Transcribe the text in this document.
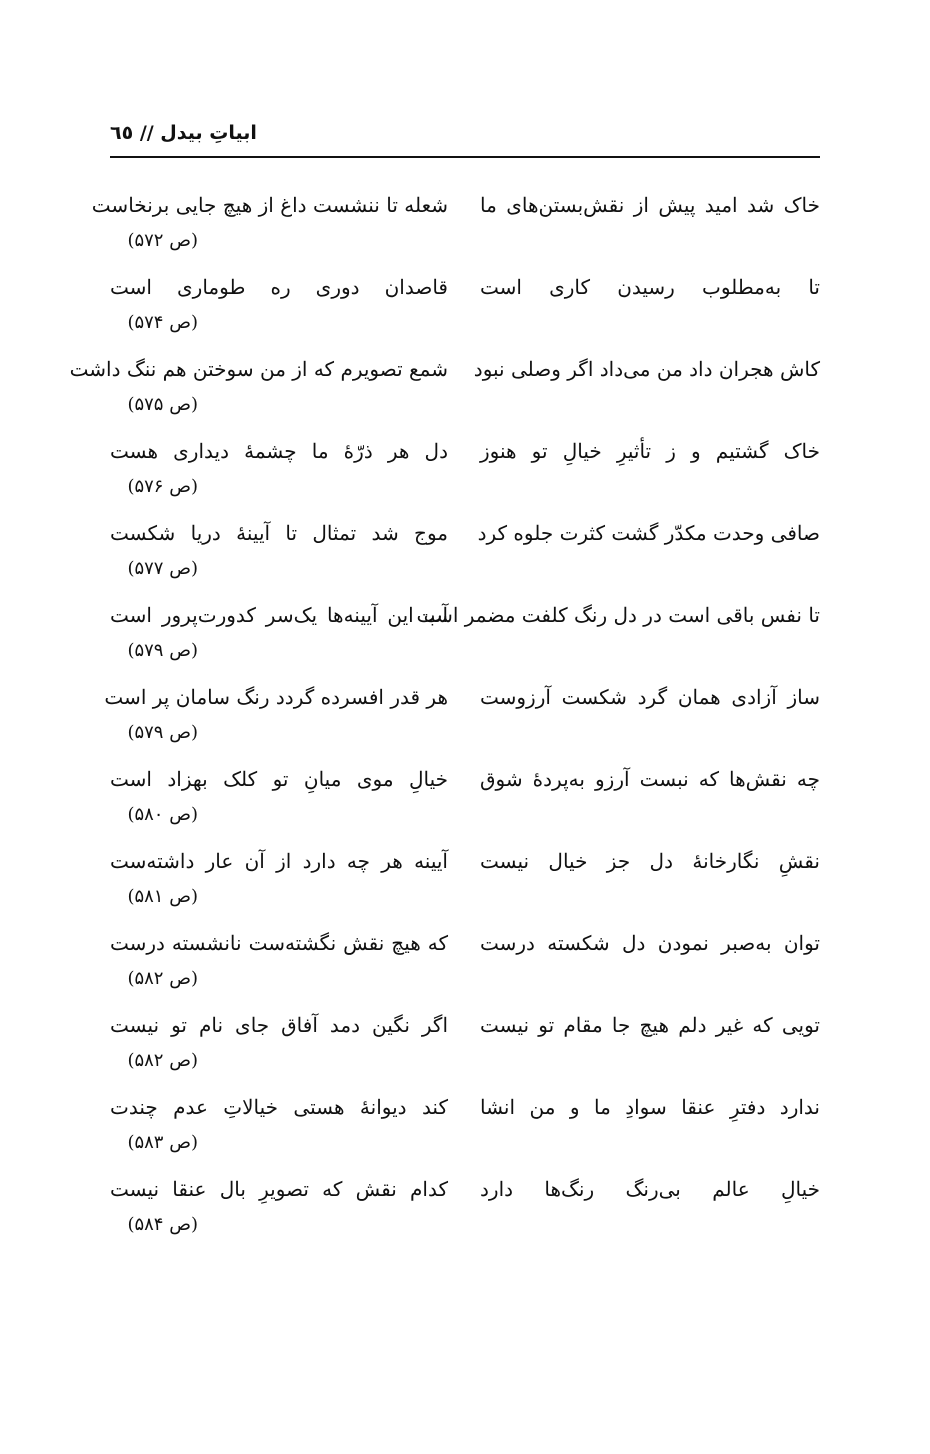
ابیاتِ بیدل // ٦٥
خاک شد امید پیش از نقش‌بستن‌های ما
شعله تا ننشست داغ از هیچ جایی برنخاست
(ص ۵۷۲)
تا به‌مطلوب رسیدن کاری است
قاصدان دوری ره طوماری است
(ص ۵۷۴)
کاش هجران داد من می‌داد اگر وصلی نبود
شمع تصویرم که از من سوختن هم ننگ داشت
(ص ۵۷۵)
خاک گشتیم و ز تأثیرِ خیالِ تو هنوز
دل هر ذرّهٔ ما چشمهٔ دیداری هست
(ص ۵۷۶)
صافی وحدت مکدّر گشت کثرت جلوه کرد
موج شد تمثال تا آیینهٔ دریا شکست
(ص ۵۷۷)
تا نفس باقی است در دل رنگ کلفت مضمر است
آب این آیینه‌ها یک‌سر کدورت‌پرور است
(ص ۵۷۹)
ساز آزادی همان گرد شکست آرزوست
هر قدر افسرده گردد رنگ سامان پر است
(ص ۵۷۹)
چه نقش‌ها که نبست آرزو به‌پردهٔ شوق
خیالِ موی میانِ تو کلک بهزاد است
(ص ۵۸۰)
نقشِ نگارخانهٔ دل جز خیال نیست
آیینه هر چه دارد از آن عار داشته‌ست
(ص ۵۸۱)
توان به‌صبر نمودن دل شکسته درست
که هیچ نقش نگشته‌ست نانشسته درست
(ص ۵۸۲)
تویی که غیر دلم هیچ جا مقام تو نیست
اگر نگین دمد آفاق جای نام تو نیست
(ص ۵۸۲)
ندارد دفترِ عنقا سوادِ ما و من انشا
کند دیوانهٔ هستی خیالاتِ عدم چندت
(ص ۵۸۳)
خیالِ عالم بی‌رنگ رنگ‌ها دارد
کدام نقش که تصویرِ بال عنقا نیست
(ص ۵۸۴)
